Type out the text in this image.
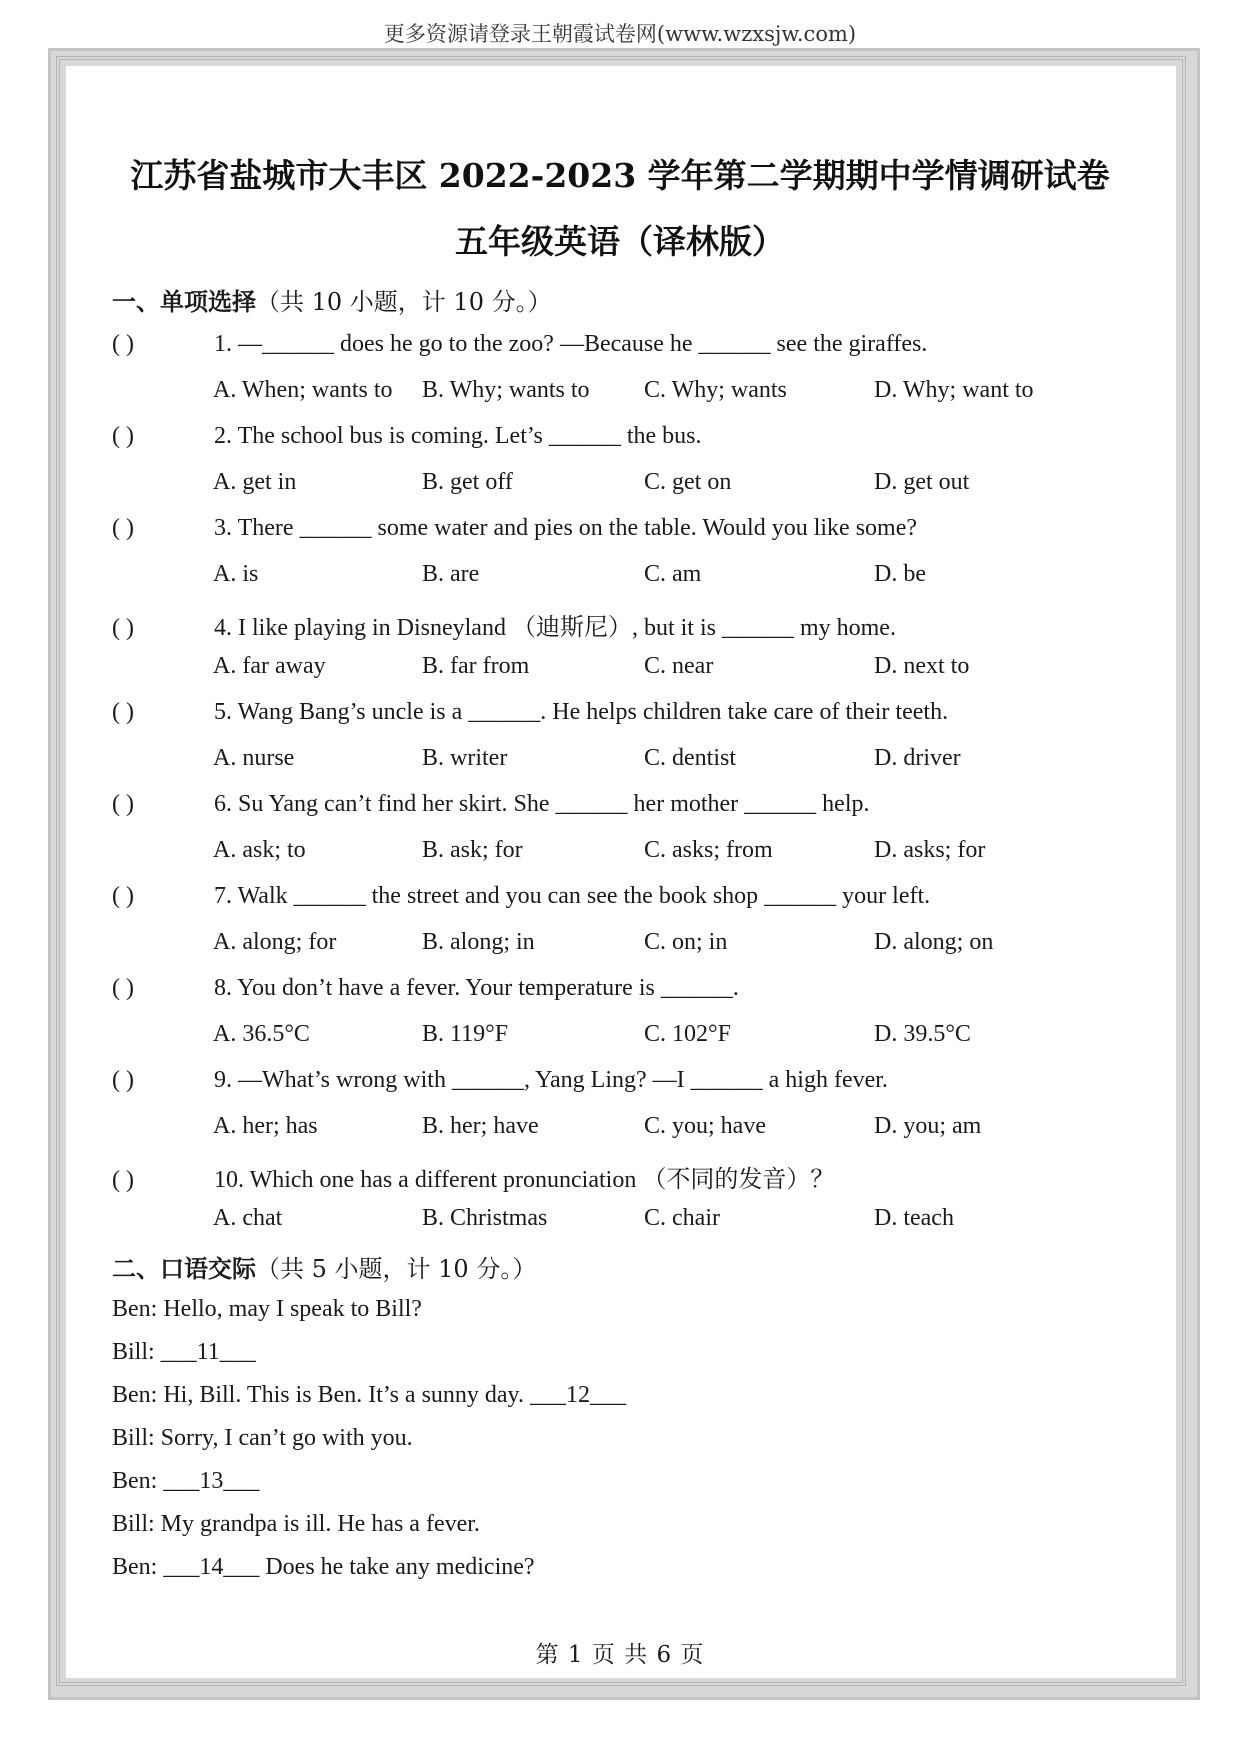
更多资源请登录王朝霞试卷网(www.wzxsjw.com)
江苏省盐城市大丰区 2022-2023 学年第二学期期中学情调研试卷
五年级英语（译林版）
一、单项选择（共 10 小题，计 10 分。）
( )	1. —______ does he go to the zoo? —Because he ______ see the giraffes.
A. When; wants to B. Why; wants to C. Why; wants	D. Why; want to
( )	2. The school bus is coming. Let’s ______ the bus.
A. get in	B. get off	C. get on	D. get out
( )	3. There ______ some water and pies on the table. Would you like some?
A. is	B. are	C. am	D. be
( )	4. I like playing in Disneyland （迪斯尼）, but it is ______ my home.
A. far away	B. far from	C. near	D. next to
( )	5. Wang Bang’s uncle is a ______. He helps children take care of their teeth.
A. nurse	B. writer	C. dentist	D. driver
( )	6. Su Yang can’t find her skirt. She ______ her mother ______ help.
A. ask; to	B. ask; for	C. asks; from	D. asks; for
( )	7. Walk ______ the street and you can see the book shop ______ your left.
A. along; for	B. along; in	C. on; in	D. along; on
( )	8. You don’t have a fever. Your temperature is ______.
A. 36.5°C	B. 119°F	C. 102°F	D. 39.5°C
( )	9. —What’s wrong with ______, Yang Ling? —I ______ a high fever.
A. her; has	B. her; have	C. you; have	D. you; am
( )	10. Which one has a different pronunciation （不同的发音）？
A. chat	B. Christmas	C. chair	D. teach
二、口语交际（共 5 小题，计 10 分。）
Ben: Hello, may I speak to Bill?
Bill: ___11___
Ben: Hi, Bill. This is Ben. It’s a sunny day. ___12___
Bill: Sorry, I can’t go with you.
Ben: ___13___
Bill: My grandpa is ill. He has a fever.
Ben: ___14___ Does he take any medicine?
第 1 页 共 6 页
